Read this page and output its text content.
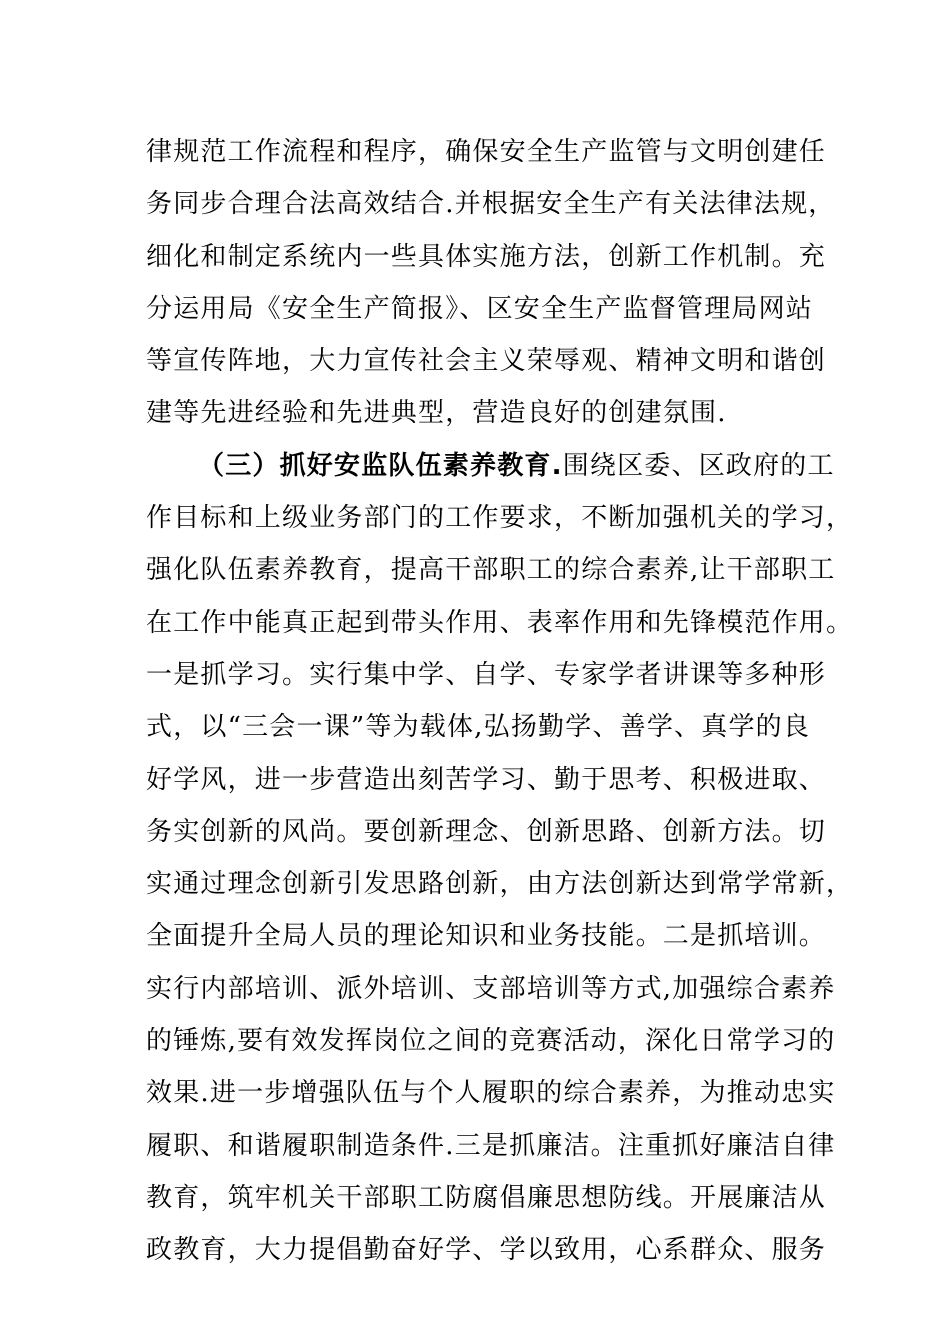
律规范工作流程和程序，确保安全生产监管与文明创建任
务同步合理合法高效结合.并根据安全生产有关法律法规，
细化和制定系统内一些具体实施方法，创新工作机制。充
分运用局《安全生产简报》、区安全生产监督管理局网站
等宣传阵地，大力宣传社会主义荣辱观、精神文明和谐创
建等先进经验和先进典型，营造良好的创建氛围.
（三）抓好安监队伍素养教育.围绕区委、区政府的工
作目标和上级业务部门的工作要求，不断加强机关的学习，
强化队伍素养教育，提高干部职工的综合素养,让干部职工
在工作中能真正起到带头作用、表率作用和先锋模范作用。
一是抓学习。实行集中学、自学、专家学者讲课等多种形
式，以“三会一课”等为载体,弘扬勤学、善学、真学的良
好学风，进一步营造出刻苦学习、勤于思考、积极进取、
务实创新的风尚。要创新理念、创新思路、创新方法。切
实通过理念创新引发思路创新，由方法创新达到常学常新，
全面提升全局人员的理论知识和业务技能。二是抓培训。
实行内部培训、派外培训、支部培训等方式,加强综合素养
的锤炼,要有效发挥岗位之间的竞赛活动，深化日常学习的
效果.进一步增强队伍与个人履职的综合素养，为推动忠实
履职、和谐履职制造条件.三是抓廉洁。注重抓好廉洁自律
教育，筑牢机关干部职工防腐倡廉思想防线。开展廉洁从
政教育，大力提倡勤奋好学、学以致用，心系群众、服务
